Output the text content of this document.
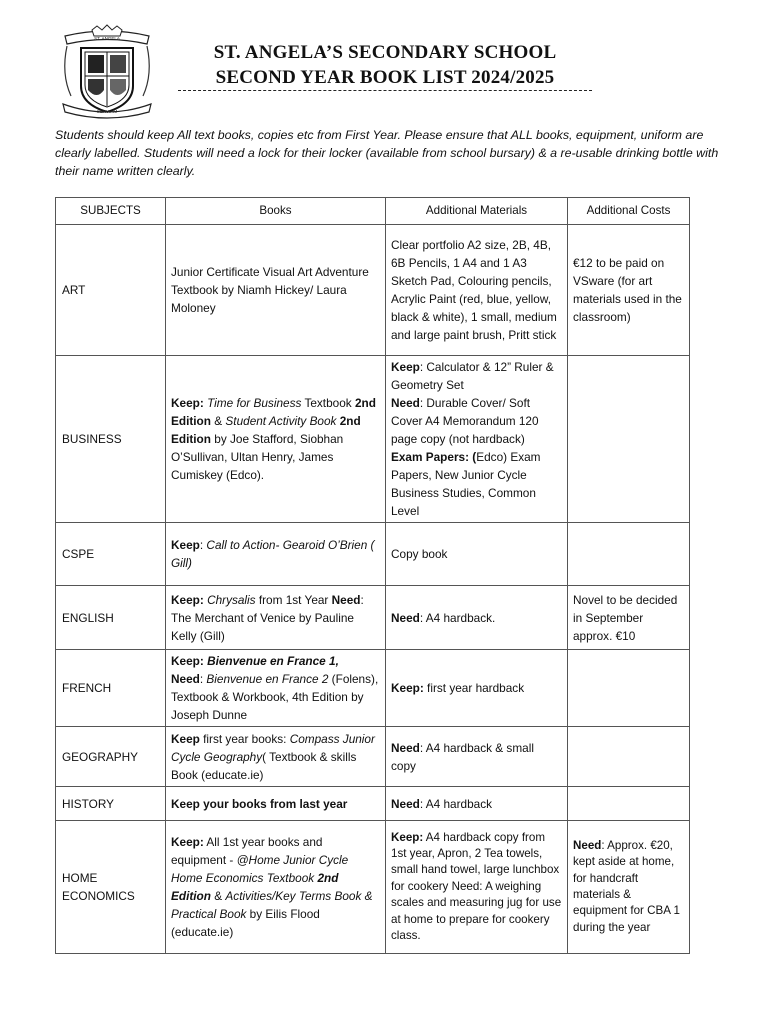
ST. ANGELA
SERVIAM
ST. ANGELA’S SECONDARY SCHOOL
SECOND YEAR BOOK LIST 2024/2025
Students should keep All text books, copies etc from First Year. Please ensure that ALL books, equipment, uniform are clearly labelled. Students will need a lock for their locker (available from school bursary) & a re-usable drinking bottle with their name written clearly.
SUBJECTS	Books	Additional Materials	Additional Costs
ART	Junior Certificate Visual Art Adventure Textbook by Niamh Hickey/ Laura Moloney	Clear portfolio A2 size, 2B, 4B, 6B Pencils, 1 A4 and 1 A3 Sketch Pad, Colouring pencils, Acrylic Paint (red, blue, yellow, black & white), 1 small, medium and large paint brush, Pritt stick	€12 to be paid on VSware (for art materials used in the classroom)
BUSINESS	Keep: Time for Business Textbook 2nd Edition & Student Activity Book 2nd Edition by Joe Stafford, Siobhan O’Sullivan, Ultan Henry, James Cumiskey (Edco).	Keep: Calculator & 12” Ruler & Geometry Set
Need: Durable Cover/ Soft Cover A4 Memorandum 120 page copy (not hardback)
Exam Papers: (Edco) Exam Papers, New Junior Cycle Business Studies, Common Level	
CSPE	Keep: Call to Action- Gearoid O’Brien ( Gill)	Copy book	
ENGLISH	Keep: Chrysalis from 1st Year Need: The Merchant of Venice by Pauline Kelly (Gill)	Need: A4 hardback.	Novel to be decided in September approx. €10
FRENCH	Keep: Bienvenue en France 1,
Need: Bienvenue en France 2 (Folens), Textbook & Workbook, 4th Edition by Joseph Dunne	Keep: first year hardback	
GEOGRAPHY	Keep first year books: Compass Junior Cycle Geography( Textbook & skills Book (educate.ie)	Need: A4 hardback & small copy	
HISTORY	Keep your books from last year	Need: A4 hardback	
HOME ECONOMICS	Keep: All 1st year books and equipment - @Home Junior Cycle Home Economics Textbook 2nd Edition & Activities/Key Terms Book & Practical Book by Eilis Flood (educate.ie)	Keep: A4 hardback copy from 1st year, Apron, 2 Tea towels, small hand towel, large lunchbox for cookery Need: A weighing scales and measuring jug for use at home to prepare for cookery class.	Need: Approx. €20, kept aside at home, for handcraft materials & equipment for CBA 1 during the year
